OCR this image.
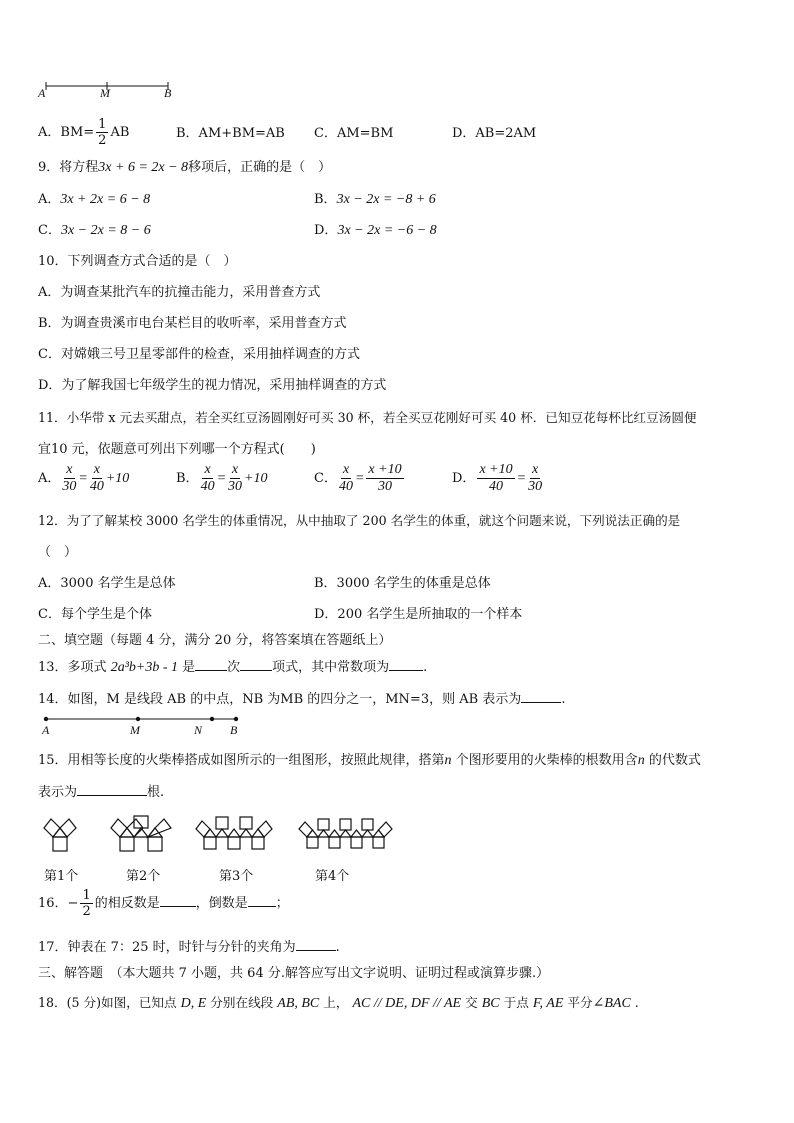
A	M	B
A．$BM= \frac{1}{2}$ AB	B．AM+BM=AB C．AM=BM	D．AB=2AM
9．将方程3x + 6 = 2x − 8移项后，正确的是（　）
A．3x + 2x = 6 − 8	B．3x − 2x = −8 + 6
C．3x − 2x = 8 − 6	D．3x − 2x = −6 − 8
10．下列调查方式合适的是（　）
A．为调查某批汽车的抗撞击能力，采用普查方式
B．为调查贵溪市电台某栏目的收听率，采用普查方式
C．对嫦娥三号卫星零部件的检查，采用抽样调查的方式
D．为了解我国七年级学生的视力情况，采用抽样调查的方式
11．小华带 x 元去买甜点，若全买红豆汤圆刚好可买 30 杯，若全买豆花刚好可买 40 杯．已知豆花每杯比红豆汤圆便
宜10 元，依题意可列出下列哪一个方程式(　　)
A． $\frac{x}{30} = \frac{x}{40} +10$	B． $\frac{x}{40} = \frac{x}{30} +10$	C． $\frac{x}{40} = \frac{x +10}{30}$	D． $\frac{x +10}{40} = \frac{x}{30}$
12．为了了解某校 3000 名学生的体重情况，从中抽取了 200 名学生的体重，就这个问题来说，下列说法正确的是
（　）
A．3000 名学生是总体	B．3000 名学生的体重是总体
C．每个学生是个体	D．200 名学生是所抽取的一个样本
二、填空题（每题 4 分，满分 20 分，将答案填在答题纸上）
13．多项式 2a³b+3b - 1 是 次 项式，其中常数项为	.
14．如图，M 是线段 AB 的中点，NB 为MB 的四分之一，MN=3，则 AB 表示为	.
A	M	N B
15．用相等长度的火柴棒搭成如图所示的一组图形，按照此规律，搭第n 个图形要用的火柴棒的根数用含n 的代数式
表示为	根.
第1个	第2个	第3个	第4个
16．− $\frac{1}{2}$ 的相反数是	，倒数是 ；
17．钟表在 7：25 时，时针与分针的夹角为	.
三、解答题　（本大题共 7 小题，共 64 分.解答应写出文字说明、证明过程或演算步骤.）
18．(5 分)如图，已知点 D, E 分别在线段 AB, BC 上， AC // DE, DF // AE 交 BC 于点 F, AE 平分∠BAC .
